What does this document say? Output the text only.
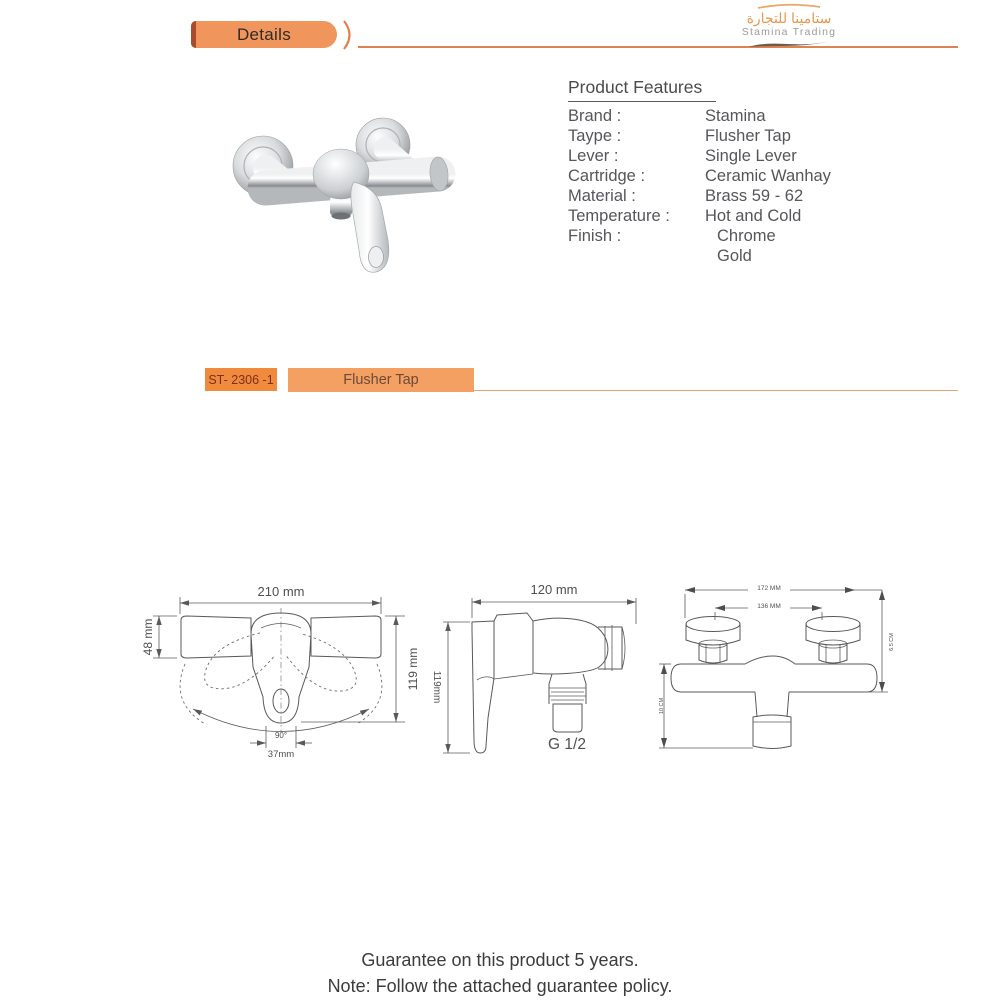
Details
ستامينا للتجارة
Stamina Trading
Product Features
Brand :	Stamina
Taype :	Flusher Tap
Lever :	Single Lever
Cartridge :	Ceramic Wanhay
Material :	Brass 59 - 62
Temperature :	Hot and Cold
Finish :	Chrome
Gold
ST- 2306 -1	Flusher Tap
210 mm
48 mm
119 mm
90°
37mm
120 mm
119mm
G 1/2
172 MM
136 MM
6.5 CM
10 CM
Guarantee on this product 5 years.
Note: Follow the attached guarantee policy.
